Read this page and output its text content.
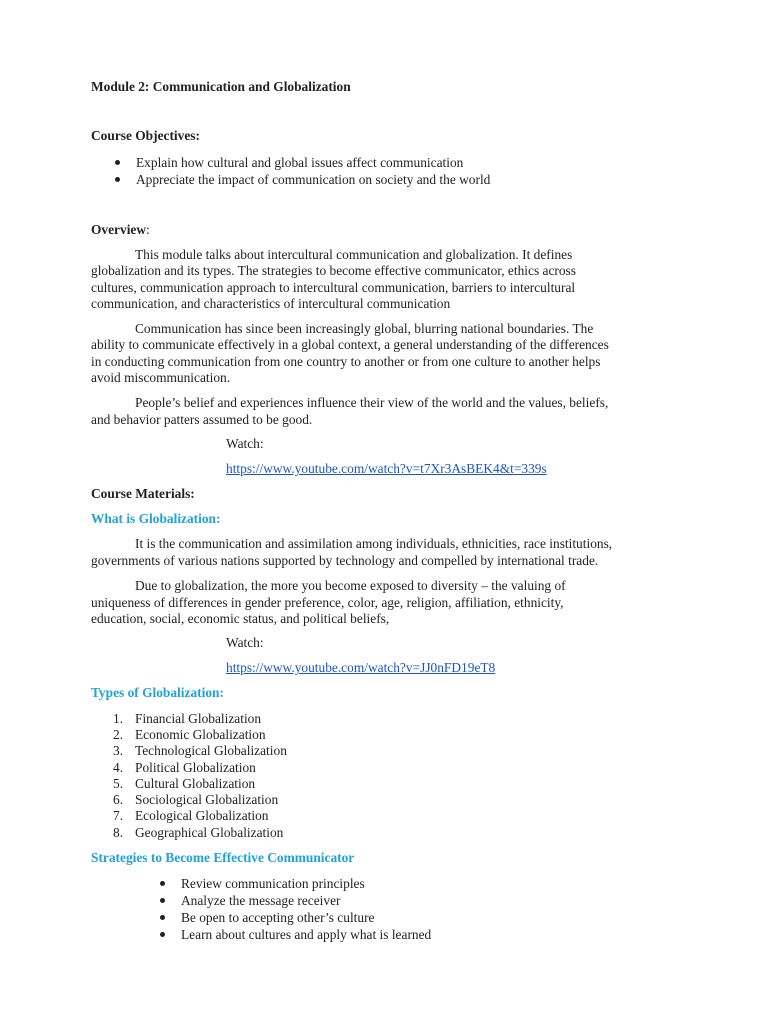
Module 2: Communication and Globalization
Course Objectives:
Explain how cultural and global issues affect communication
Appreciate the impact of communication on society and the world
Overview:
This module talks about intercultural communication and globalization. It defines
globalization and its types. The strategies to become effective communicator, ethics across
cultures, communication approach to intercultural communication, barriers to intercultural
communication, and characteristics of intercultural communication
Communication has since been increasingly global, blurring national boundaries. The
ability to communicate effectively in a global context, a general understanding of the differences
in conducting communication from one country to another or from one culture to another helps
avoid miscommunication.
People’s belief and experiences influence their view of the world and the values, beliefs,
and behavior patters assumed to be good.
Watch:
https://www.youtube.com/watch?v=t7Xr3AsBEK4&t=339s
Course Materials:
What is Globalization:
It is the communication and assimilation among individuals, ethnicities, race institutions,
governments of various nations supported by technology and compelled by international trade.
Due to globalization, the more you become exposed to diversity – the valuing of
uniqueness of differences in gender preference, color, age, religion, affiliation, ethnicity,
education, social, economic status, and political beliefs,
Watch:
https://www.youtube.com/watch?v=JJ0nFD19eT8
Types of Globalization:
1. Financial Globalization
2. Economic Globalization
3. Technological Globalization
4. Political Globalization
5. Cultural Globalization
6. Sociological Globalization
7. Ecological Globalization
8. Geographical Globalization
Strategies to Become Effective Communicator
Review communication principles
Analyze the message receiver
Be open to accepting other’s culture
Learn about cultures and apply what is learned
